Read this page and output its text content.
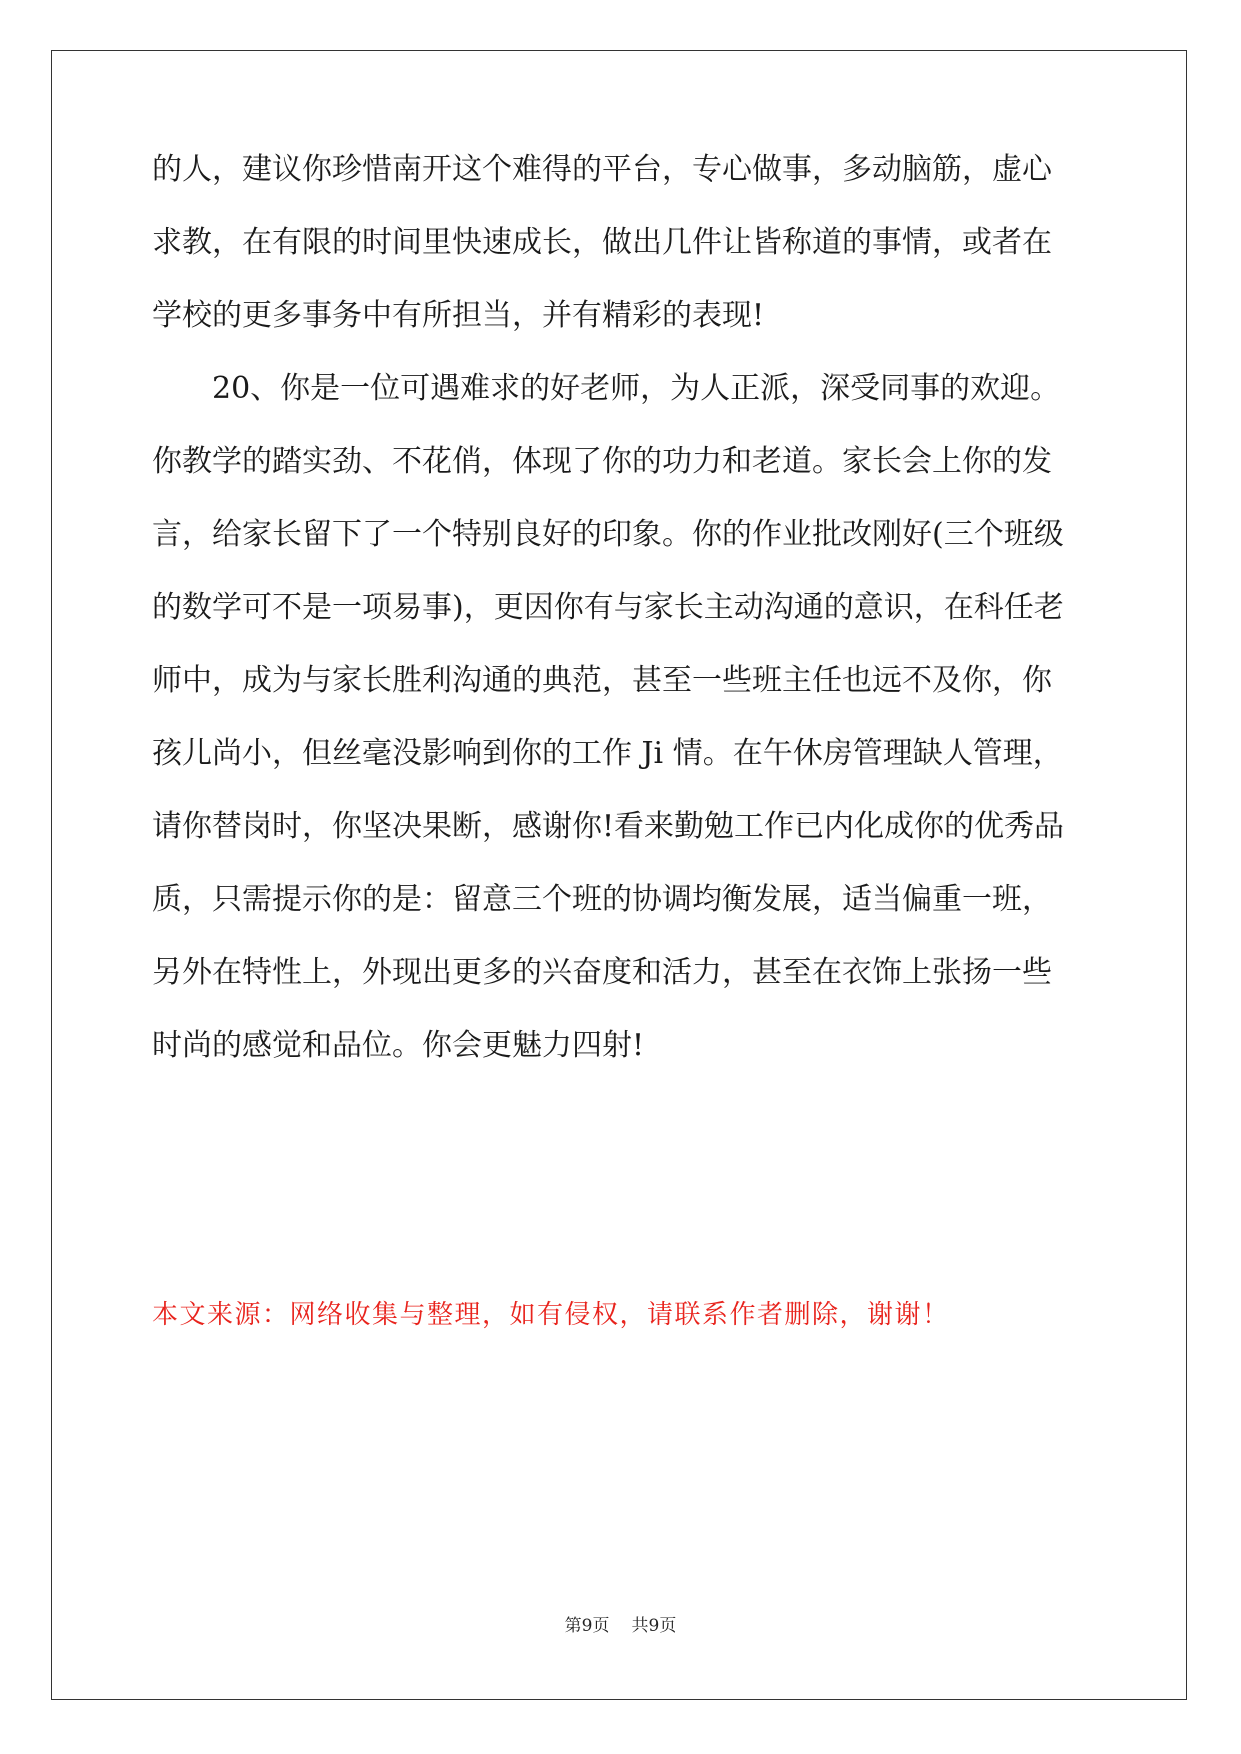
的人，建议你珍惜南开这个难得的平台，专心做事，多动脑筋，虚心
求教，在有限的时间里快速成长，做出几件让皆称道的事情，或者在
学校的更多事务中有所担当，并有精彩的表现!
20、你是一位可遇难求的好老师，为人正派，深受同事的欢迎。
你教学的踏实劲、不花俏，体现了你的功力和老道。家长会上你的发
言，给家长留下了一个特别良好的印象。你的作业批改刚好(三个班级
的数学可不是一项易事)，更因你有与家长主动沟通的意识，在科任老
师中，成为与家长胜利沟通的典范，甚至一些班主任也远不及你，你
孩儿尚小，但丝毫没影响到你的工作 Ji 情。在午休房管理缺人管理，
请你替岗时，你坚决果断，感谢你!看来勤勉工作已内化成你的优秀品
质，只需提示你的是：留意三个班的协调均衡发展，适当偏重一班，
另外在特性上，外现出更多的兴奋度和活力，甚至在衣饰上张扬一些
时尚的感觉和品位。你会更魅力四射!
本文来源：网络收集与整理，如有侵权，请联系作者删除，谢谢！
第9页 共9页
